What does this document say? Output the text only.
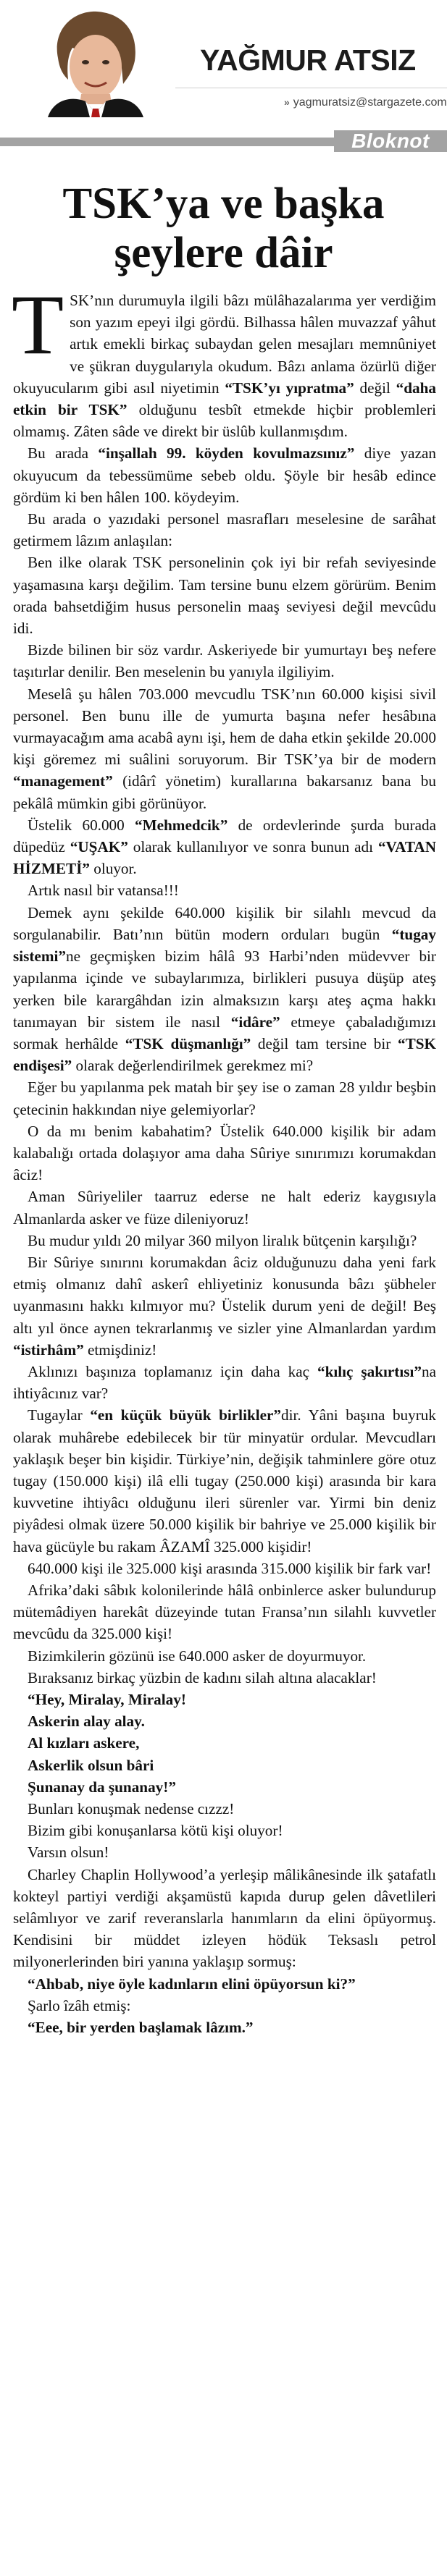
YAĞMUR ATSIZ
» yagmuratsiz@stargazete.com
Bloknot
TSK’ya ve başka
şeylere dâir

TSK’nın durumuyla ilgili bâzı mülâhazalarıma yer verdiğim son yazım epeyi ilgi gördü. Bilhassa hâlen muvazzaf yâhut artık emekli birkaç subaydan gelen mesajları memnûniyet ve şükran duygularıyla okudum. Bâzı anlama özürlü diğer okuyucularım gibi asıl niyetimin “TSK’yı yıpratma” değil “daha etkin bir TSK” olduğunu tesbît etmekde hiçbir problemleri olmamış. Zâten sâde ve direkt bir üslûb kullanmışdım.

Bu arada “inşallah 99. köyden kovulmazsınız” diye yazan okuyucum da tebessümüme sebeb oldu. Şöyle bir hesâb edince gördüm ki ben hâlen 100. köydeyim.

Bu arada o yazıdaki personel masrafları meselesine de sarâhat getirmem lâzım anlaşılan:

Ben ilke olarak TSK personelinin çok iyi bir refah seviyesinde yaşamasına karşı değilim. Tam tersine bunu elzem görürüm. Benim orada bahsetdiğim husus personelin maaş seviyesi değil mevcûdu idi.

Bizde bilinen bir söz vardır. Askeriyede bir yumurtayı beş nefere taşıtırlar denilir. Ben meselenin bu yanıyla ilgiliyim.

Meselâ şu hâlen 703.000 mevcudlu TSK’nın 60.000 kişisi sivil personel. Ben bunu ille de yumurta başına nefer hesâbına vurmayacağım ama acabâ aynı işi, hem de daha etkin şekilde 20.000 kişi göremez mi suâlini soruyorum. Bir TSK’ya bir de modern “management” (idârî yönetim) kurallarına bakarsanız bana bu pekâlâ mümkin gibi görünüyor.

Üstelik 60.000 “Mehmedcik” de ordevlerinde şurda burada düpedüz “UŞAK” olarak kullanılıyor ve sonra bunun adı “VATAN HİZMETİ” oluyor.

Artık nasıl bir vatansa!!!

Demek aynı şekilde 640.000 kişilik bir silahlı mevcud da sorgulanabilir. Batı’nın bütün modern orduları bugün “tugay sistemi”ne geçmişken bizim hâlâ 93 Harbi’nden müdevver bir yapılanma içinde ve subaylarımıza, birlikleri pusuya düşüp ateş yerken bile karargâhdan izin almaksızın karşı ateş açma hakkı tanımayan bir sistem ile nasıl “idâre” etmeye çabaladığımızı sormak herhâlde “TSK düşmanlığı” değil tam tersine bir “TSK endişesi” olarak değerlendirilmek gerekmez mi?

Eğer bu yapılanma pek matah bir şey ise o zaman 28 yıldır beşbin çetecinin hakkından niye gelemiyorlar?

O da mı benim kabahatim? Üstelik 640.000 kişilik bir adam kalabalığı ortada dolaşıyor ama daha Sûriye sınırımızı korumakdan âciz!

Aman Sûriyeliler taarruz ederse ne halt ederiz kaygısıyla Almanlarda asker ve füze dileniyoruz!

Bu mudur yıldı 20 milyar 360 milyon liralık bütçenin karşılığı?

Bir Sûriye sınırını korumakdan âciz olduğunuzu daha yeni fark etmiş olmanız dahî askerî ehliyetiniz konusunda bâzı şübheler uyanmasını hakkı kılmıyor mu? Üstelik durum yeni de değil! Beş altı yıl önce aynen tekrarlanmış ve sizler yine Almanlardan yardım “istirhâm” etmişdiniz!

Aklınızı başınıza toplamanız için daha kaç “kılıç şakırtısı”na ihtiyâcınız var?

Tugaylar “en küçük büyük birlikler”dir. Yâni başına buyruk olarak muhârebe edebilecek bir tür minyatür ordular. Mevcudları yaklaşık beşer bin kişidir. Türkiye’nin, değişik tahminlere göre otuz tugay (150.000 kişi) ilâ elli tugay (250.000 kişi) arasında bir kara kuvvetine ihtiyâcı olduğunu ileri sürenler var. Yirmi bin deniz piyâdesi olmak üzere 50.000 kişilik bir bahriye ve 25.000 kişilik bir hava gücüyle bu rakam ÂZAMÎ 325.000 kişidir!

640.000 kişi ile 325.000 kişi arasında 315.000 kişilik bir fark var!

Afrika’daki sâbık kolonilerinde hâlâ onbinlerce asker bulundurup mütemâdiyen harekât düzeyinde tutan Fransa’nın silahlı kuvvetler mevcûdu da 325.000 kişi!

Bizimkilerin gözünü ise 640.000 asker de doyurmuyor.

Bıraksanız birkaç yüzbin de kadını silah altına alacaklar!

“Hey, Miralay, Miralay!

Askerin alay alay.

Al kızları askere,

Askerlik olsun bâri

Şunanay da şunanay!”

Bunları konuşmak nedense cızzz!

Bizim gibi konuşanlarsa kötü kişi oluyor!

Varsın olsun!

Charley Chaplin Hollywood’a yerleşip mâlikânesinde ilk şatafatlı kokteyl partiyi verdiği akşamüstü kapıda durup gelen dâvetlileri selâmlıyor ve zarif reveranslarla hanımların da elini öpüyormuş. Kendisini bir müddet izleyen hödük Teksaslı petrol milyonerlerinden biri yanına yaklaşıp sormuş:

“Ahbab, niye öyle kadınların elini öpüyorsun ki?”

Şarlo îzâh etmiş:

“Eee, bir yerden başlamak lâzım.”
